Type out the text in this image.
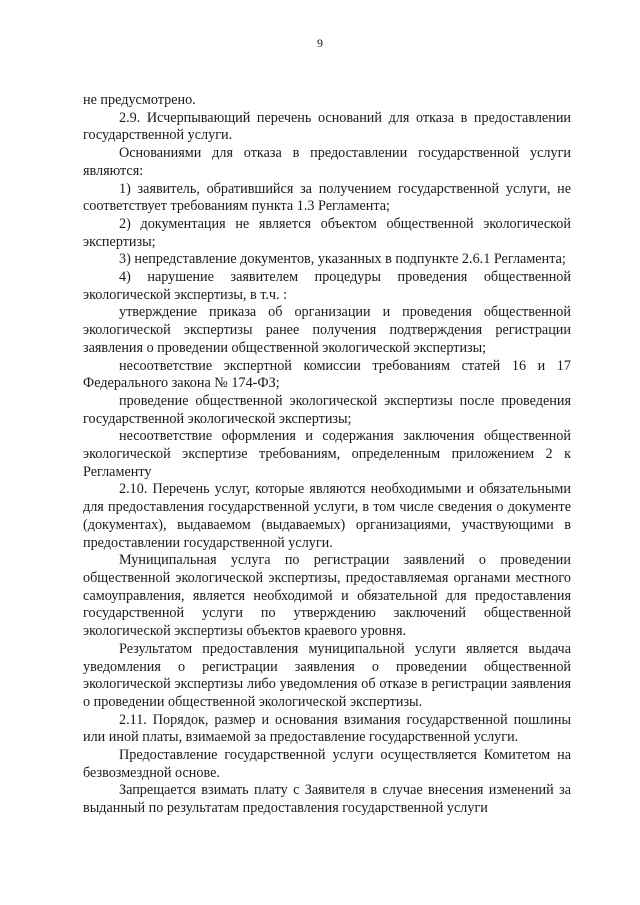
9

не предусмотрено.

2.9. Исчерпывающий перечень оснований для отказа в предоставлении государственной услуги.

Основаниями для отказа в предоставлении государственной услуги являются:

1) заявитель, обратившийся за получением государственной услуги, не соответствует требованиям пункта 1.3 Регламента;

2) документация не является объектом общественной экологической экспертизы;

3) непредставление документов, указанных в подпункте 2.6.1 Регламента;

4) нарушение заявителем процедуры проведения общественной экологической экспертизы, в т.ч. :

утверждение приказа об организации и проведения общественной экологической экспертизы ранее получения подтверждения регистрации заявления о проведении общественной экологической экспертизы;

несоответствие экспертной комиссии требованиям статей 16 и 17 Федерального закона № 174-ФЗ;

проведение общественной экологической экспертизы после проведения государственной экологической экспертизы;

несоответствие оформления и содержания заключения общественной экологической экспертизе требованиям, определенным приложением 2 к Регламенту

2.10. Перечень услуг, которые являются необходимыми и обязательными для предоставления государственной услуги, в том числе сведения о документе (документах), выдаваемом (выдаваемых) организациями, участвующими в предоставлении государственной услуги.

Муниципальная услуга по регистрации заявлений о проведении общественной экологической экспертизы, предоставляемая органами местного самоуправления, является необходимой и обязательной для предоставления государственной услуги по утверждению заключений общественной экологической экспертизы объектов краевого уровня.

Результатом предоставления муниципальной услуги является выдача уведомления о регистрации заявления о проведении общественной экологической экспертизы либо уведомления об отказе в регистрации заявления о проведении общественной экологической экспертизы.

2.11. Порядок, размер и основания взимания государственной пошлины или иной платы, взимаемой за предоставление государственной услуги.

Предоставление государственной услуги осуществляется Комитетом на безвозмездной основе.

Запрещается взимать плату с Заявителя в случае внесения изменений за выданный по результатам предоставления государственной услуги
